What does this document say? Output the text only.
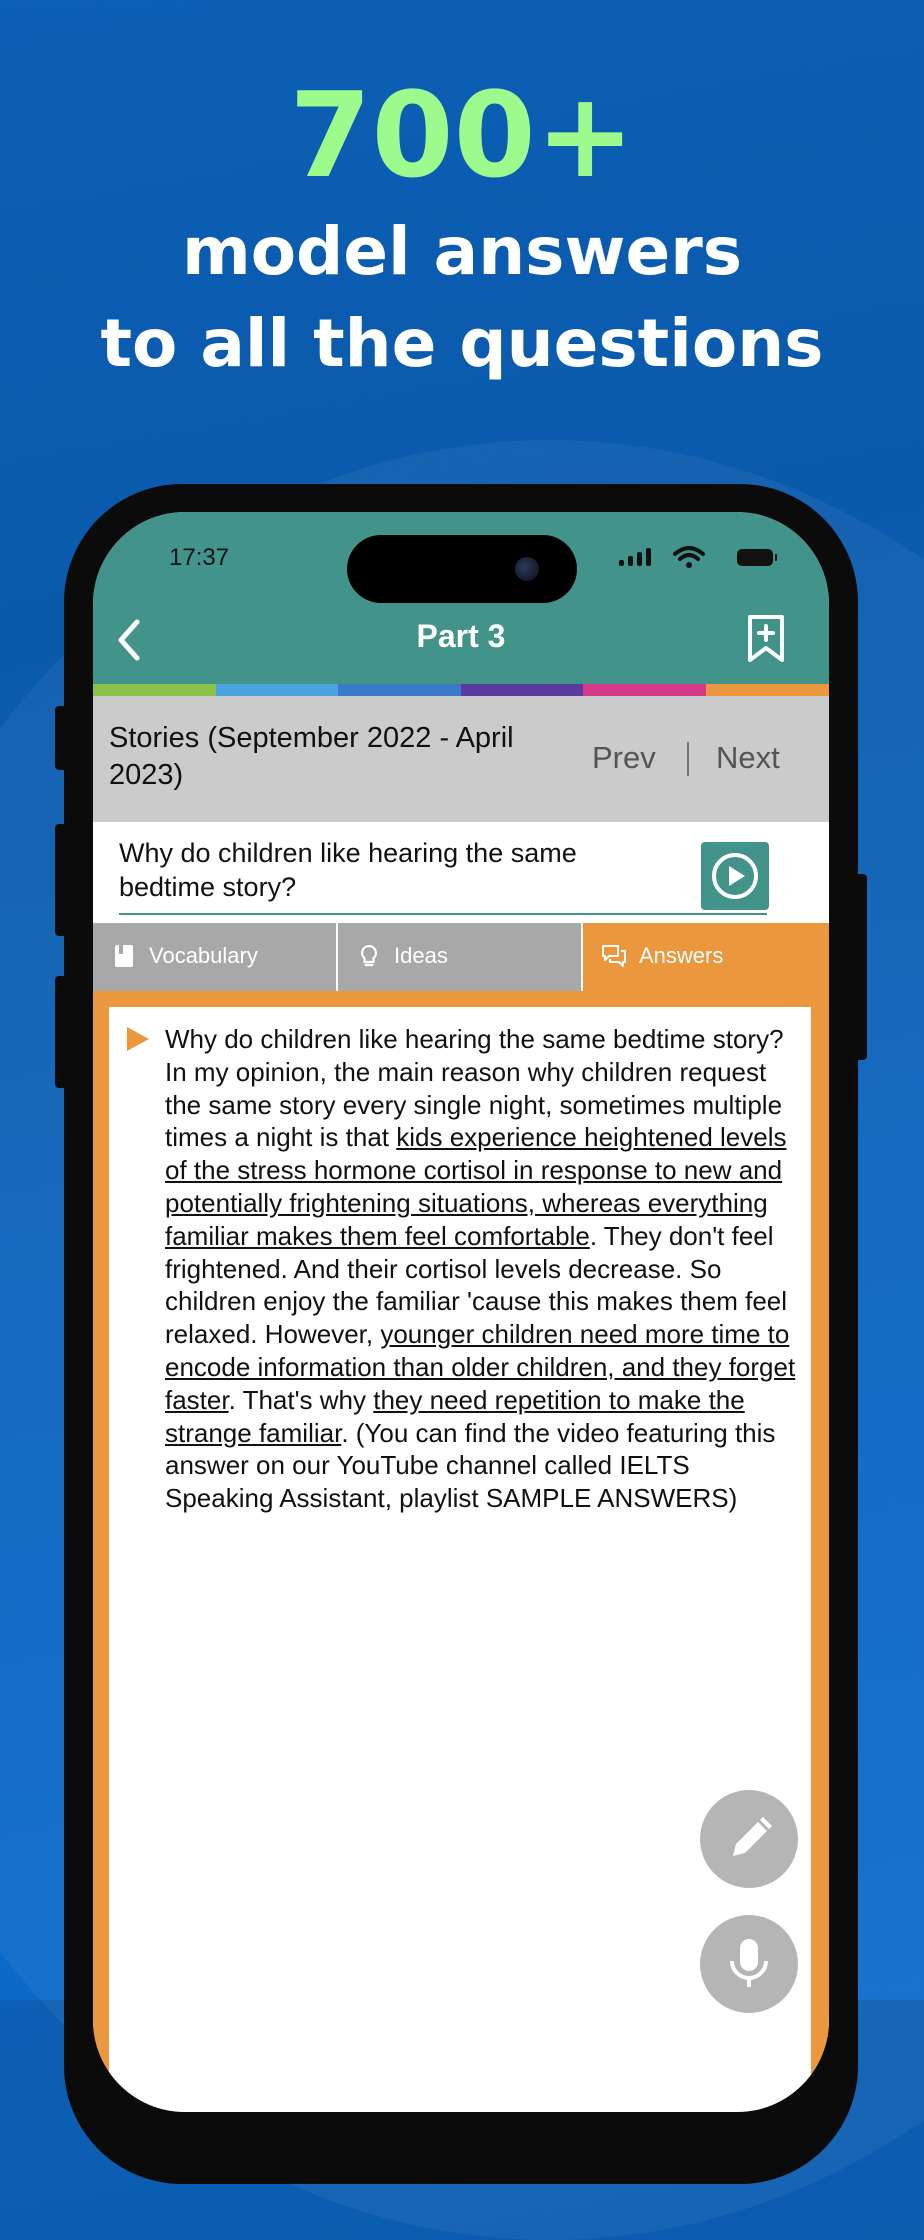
700+
model answers
to all the questions
17:37
Part 3
Stories (September 2022 - April 2023)	Prev Next
Why do children like hearing the same bedtime story?
Vocabulary	Ideas	Answers
Why do children like hearing the same bedtime story?
In my opinion, the main reason why children request the same story every single night, sometimes multiple times a night is that kids experience heightened levels of the stress hormone cortisol in response to new and potentially frightening situations, whereas everything familiar makes them feel comfortable. They don't feel frightened. And their cortisol levels decrease. So children enjoy the familiar 'cause this makes them feel relaxed. However, younger children need more time to encode information than older children, and they forget faster. That's why they need repetition to make the strange familiar. (You can find the video featuring this answer on our YouTube channel called IELTS Speaking Assistant, playlist SAMPLE ANSWERS)
